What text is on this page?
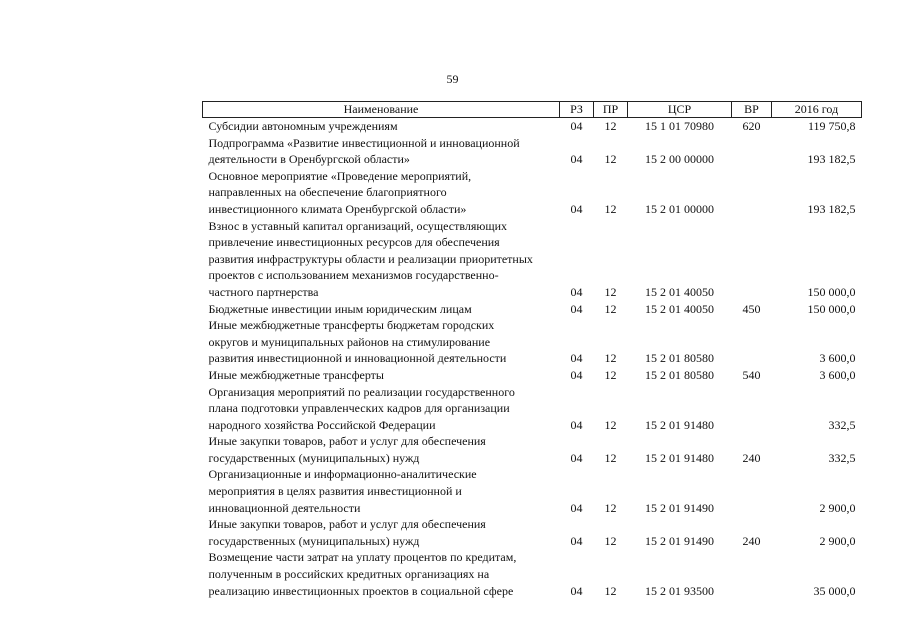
59
Наименование	РЗ	ПР	ЦСР	ВР	2016 год

Субсидии автономным учреждениям	04	12	15 1 01 70980	620	119 750,8

Подпрограмма «Развитие инвестиционной и инновационной
деятельности в Оренбургской области»	04	12	15 2 00 00000		193 182,5

Основное мероприятие «Проведение мероприятий,
направленных на обеспечение благоприятного
инвестиционного климата Оренбургской области»	04	12	15 2 01 00000		193 182,5

Взнос в уставный капитал организаций, осуществляющих
привлечение инвестиционных ресурсов для обеспечения
развития инфраструктуры области и реализации приоритетных
проектов с использованием механизмов государственно-
частного партнерства	04	12	15 2 01 40050		150 000,0

Бюджетные инвестиции иным юридическим лицам	04	12	15 2 01 40050	450	150 000,0

Иные межбюджетные трансферты бюджетам городских
округов и муниципальных районов на стимулирование
развития инвестиционной и инновационной деятельности	04	12	15 2 01 80580		3 600,0

Иные межбюджетные трансферты	04	12	15 2 01 80580	540	3 600,0

Организация мероприятий по реализации государственного
плана подготовки управленческих кадров для организации
народного хозяйства Российской Федерации	04	12	15 2 01 91480		332,5

Иные закупки товаров, работ и услуг для обеспечения
государственных (муниципальных) нужд	04	12	15 2 01 91480	240	332,5

Организационные и информационно-аналитические
мероприятия в целях развития инвестиционной и
инновационной деятельности	04	12	15 2 01 91490		2 900,0

Иные закупки товаров, работ и услуг для обеспечения
государственных (муниципальных) нужд	04	12	15 2 01 91490	240	2 900,0

Возмещение части затрат на уплату процентов по кредитам,
полученным в российских кредитных организациях на
реализацию инвестиционных проектов в социальной сфере	04	12	15 2 01 93500		35 000,0
